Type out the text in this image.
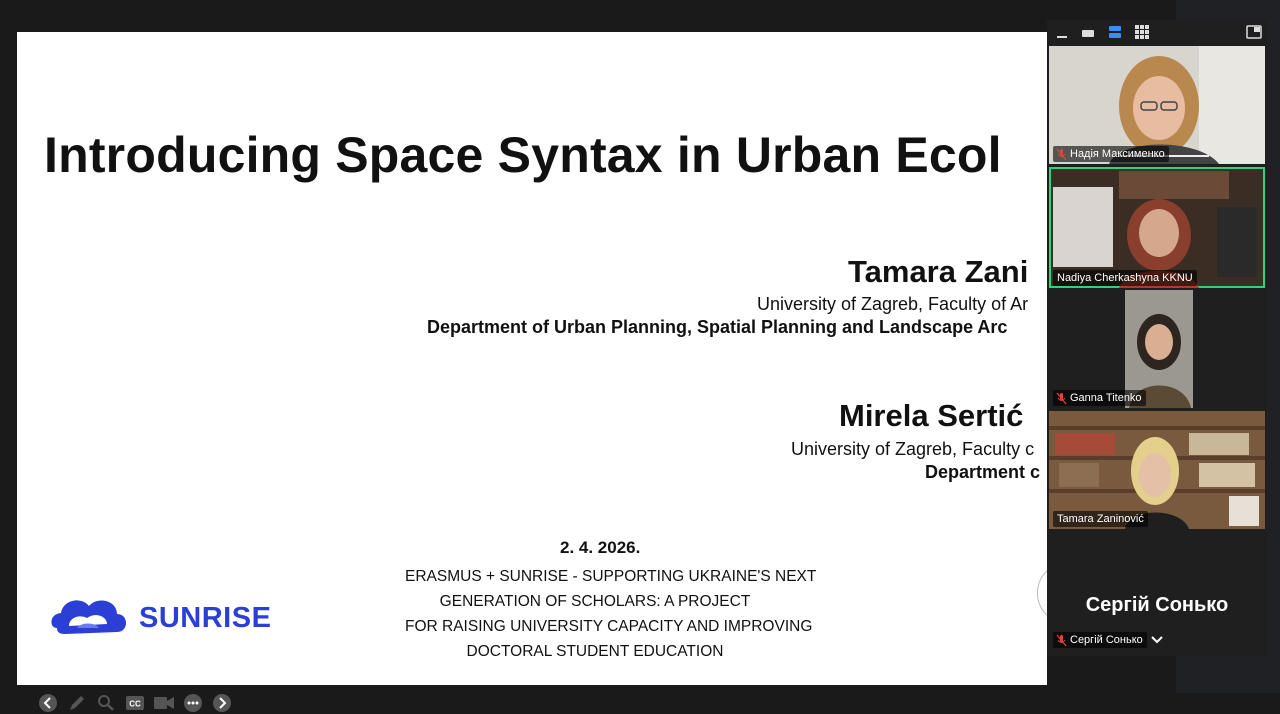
Introducing Space Syntax in Urban Ecol
Tamara Zani
University of Zagreb, Faculty of Ar
Department of Urban Planning, Spatial Planning and Landscape Arc
Mirela Sertić
University of Zagreb, Faculty c
Department c
2. 4. 2026.
ERASMUS + SUNRISE - SUPPORTING UKRAINE'S NEXT
GENERATION OF SCHOLARS: A PROJECT
FOR RAISING UNIVERSITY CAPACITY AND IMPROVING
DOCTORAL STUDENT EDUCATION
SUNRISE
CC
Надія Максименко
Nadiya Cherkashyna KKNU
Ganna Titenko
Tamara Zaninović
Сергій Сонько
Сергій Сонько
